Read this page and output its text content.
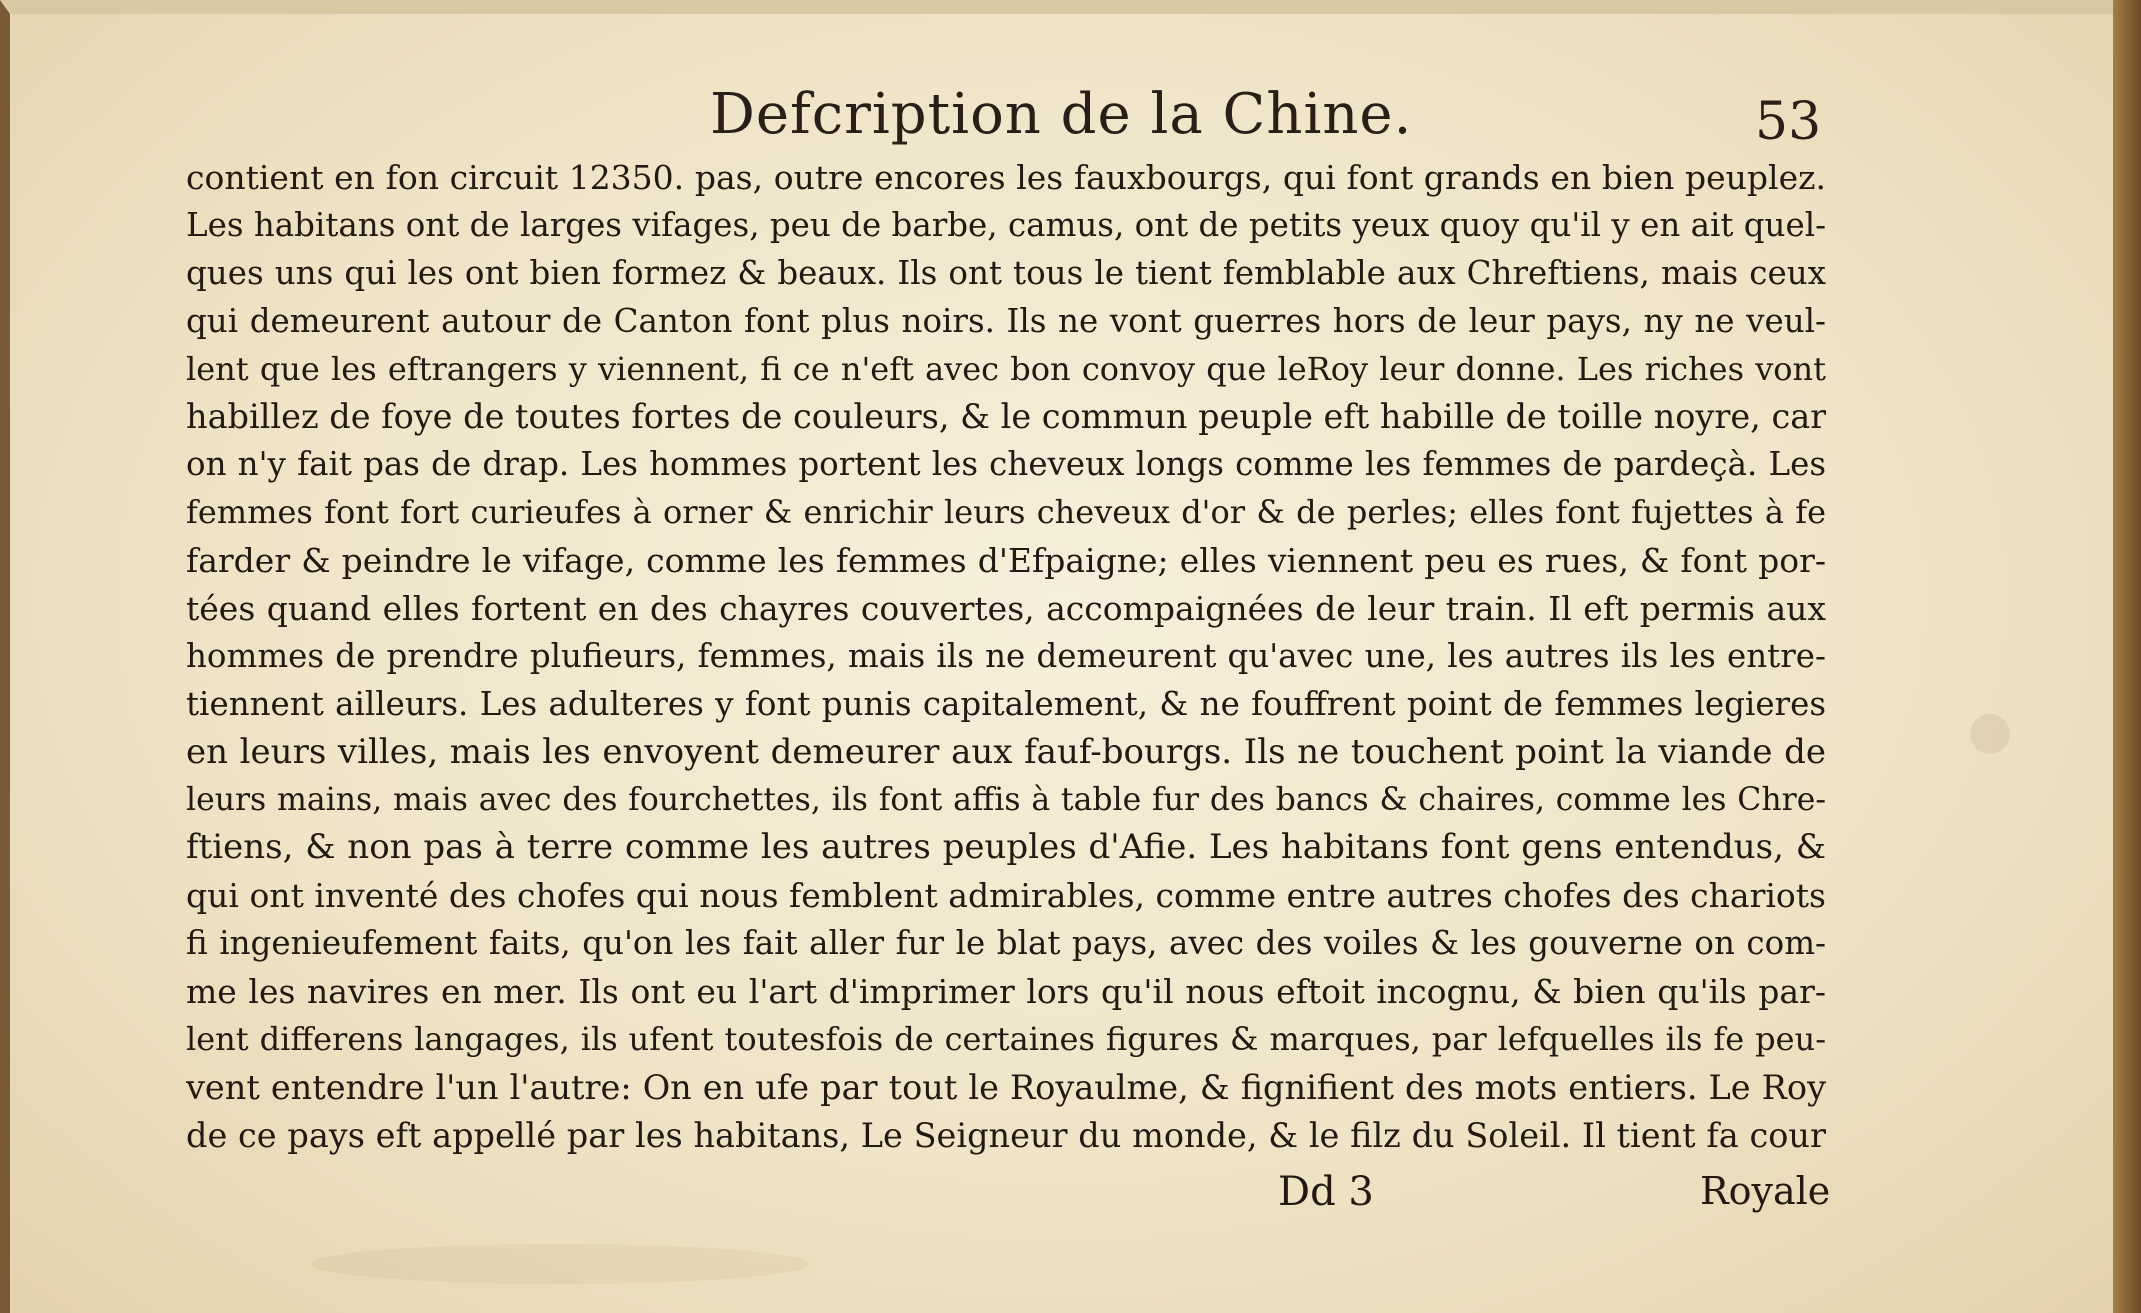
Defcription de la Chine.	53
contient en fon circuit 12350. pas, outre encores les fauxbourgs, qui font grands en bien peuplez.
Les habitans ont de larges vifages, peu de barbe, camus, ont de petits yeux quoy qu'il y en ait quel-
ques uns qui les ont bien formez & beaux. Ils ont tous le tient femblable aux Chreftiens, mais ceux
qui demeurent autour de Canton font plus noirs. Ils ne vont guerres hors de leur pays, ny ne veul-
lent que les eftrangers y viennent, fi ce n'eft avec bon convoy que leRoy leur donne. Les riches vont
habillez de foye de toutes fortes de couleurs, & le commun peuple eft habille de toille noyre, car
on n'y fait pas de drap. Les hommes portent les cheveux longs comme les femmes de pardeçà. Les
femmes font fort curieufes à orner & enrichir leurs cheveux d'or & de perles; elles font fujettes à fe
farder & peindre le vifage, comme les femmes d'Efpaigne; elles viennent peu es rues, & font por-
tées quand elles fortent en des chayres couvertes, accompaignées de leur train. Il eft permis aux
hommes de prendre plufieurs, femmes, mais ils ne demeurent qu'avec une, les autres ils les entre-
tiennent ailleurs. Les adulteres y font punis capitalement, & ne fouffrent point de femmes legieres
en leurs villes, mais les envoyent demeurer aux fauf-bourgs. Ils ne touchent point la viande de
leurs mains, mais avec des fourchettes, ils font affis à table fur des bancs & chaires, comme les Chre-
ftiens, & non pas à terre comme les autres peuples d'Afie. Les habitans font gens entendus, &
qui ont inventé des chofes qui nous femblent admirables, comme entre autres chofes des chariots
fi ingenieufement faits, qu'on les fait aller fur le blat pays, avec des voiles & les gouverne on com-
me les navires en mer. Ils ont eu l'art d'imprimer lors qu'il nous eftoit incognu, & bien qu'ils par-
lent differens langages, ils ufent toutesfois de certaines figures & marques, par lefquelles ils fe peu-
vent entendre l'un l'autre: On en ufe par tout le Royaulme, & fignifient des mots entiers. Le Roy
de ce pays eft appellé par les habitans, Le Seigneur du monde, & le filz du Soleil. Il tient fa cour
Dd 3	Royale
